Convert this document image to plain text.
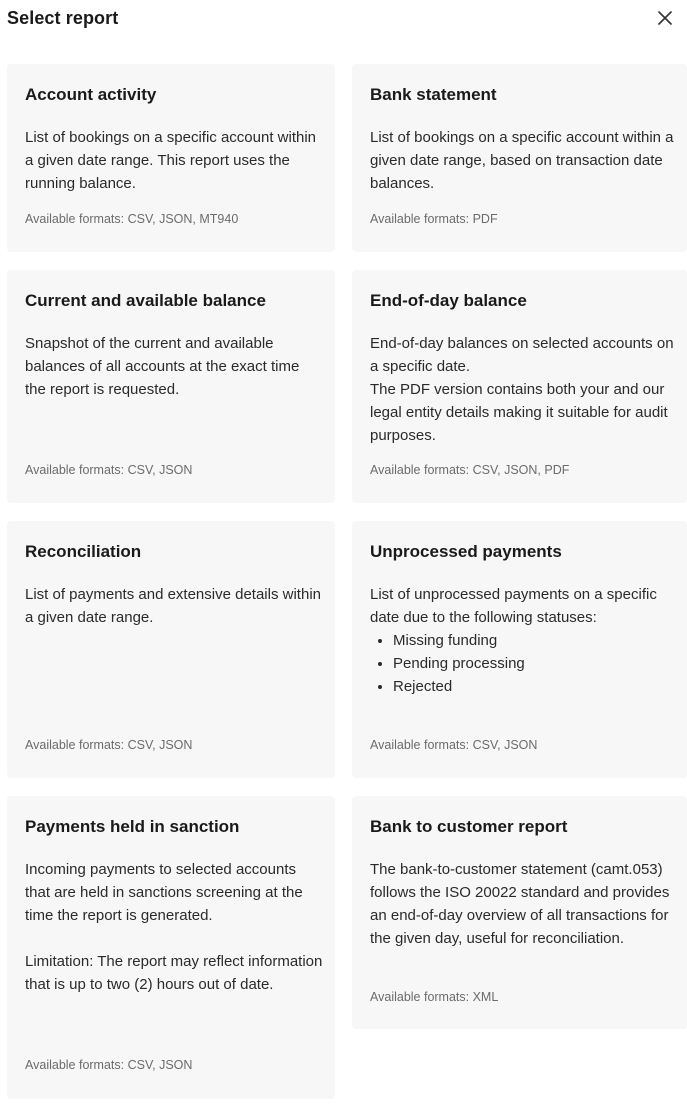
Select report
Account activity

List of bookings on a specific account within a given date range. This report uses the running balance.

Available formats: CSV, JSON, MT940
Bank statement

List of bookings on a specific account within a given date range, based on transaction date balances.

Available formats: PDF
Current and available balance

Snapshot of the current and available balances of all accounts at the exact time the report is requested.

Available formats: CSV, JSON
End-of-day balance

End-of-day balances on selected accounts on a specific date.

The PDF version contains both your and our legal entity details making it suitable for audit purposes.

Available formats: CSV, JSON, PDF
Reconciliation

List of payments and extensive details within a given date range.

Available formats: CSV, JSON
Unprocessed payments

List of unprocessed payments on a specific date due to the following statuses:

• Missing funding
• Pending processing
• Rejected
Available formats: CSV, JSON
Payments held in sanction

Incoming payments to selected accounts that are held in sanctions screening at the time the report is generated.

Limitation: The report may reflect information that is up to two (2) hours out of date.

Available formats: CSV, JSON
Bank to customer report

The bank-to-customer statement (camt.053) follows the ISO 20022 standard and provides an end-of-day overview of all transactions for the given day, useful for reconciliation.

Available formats: XML
